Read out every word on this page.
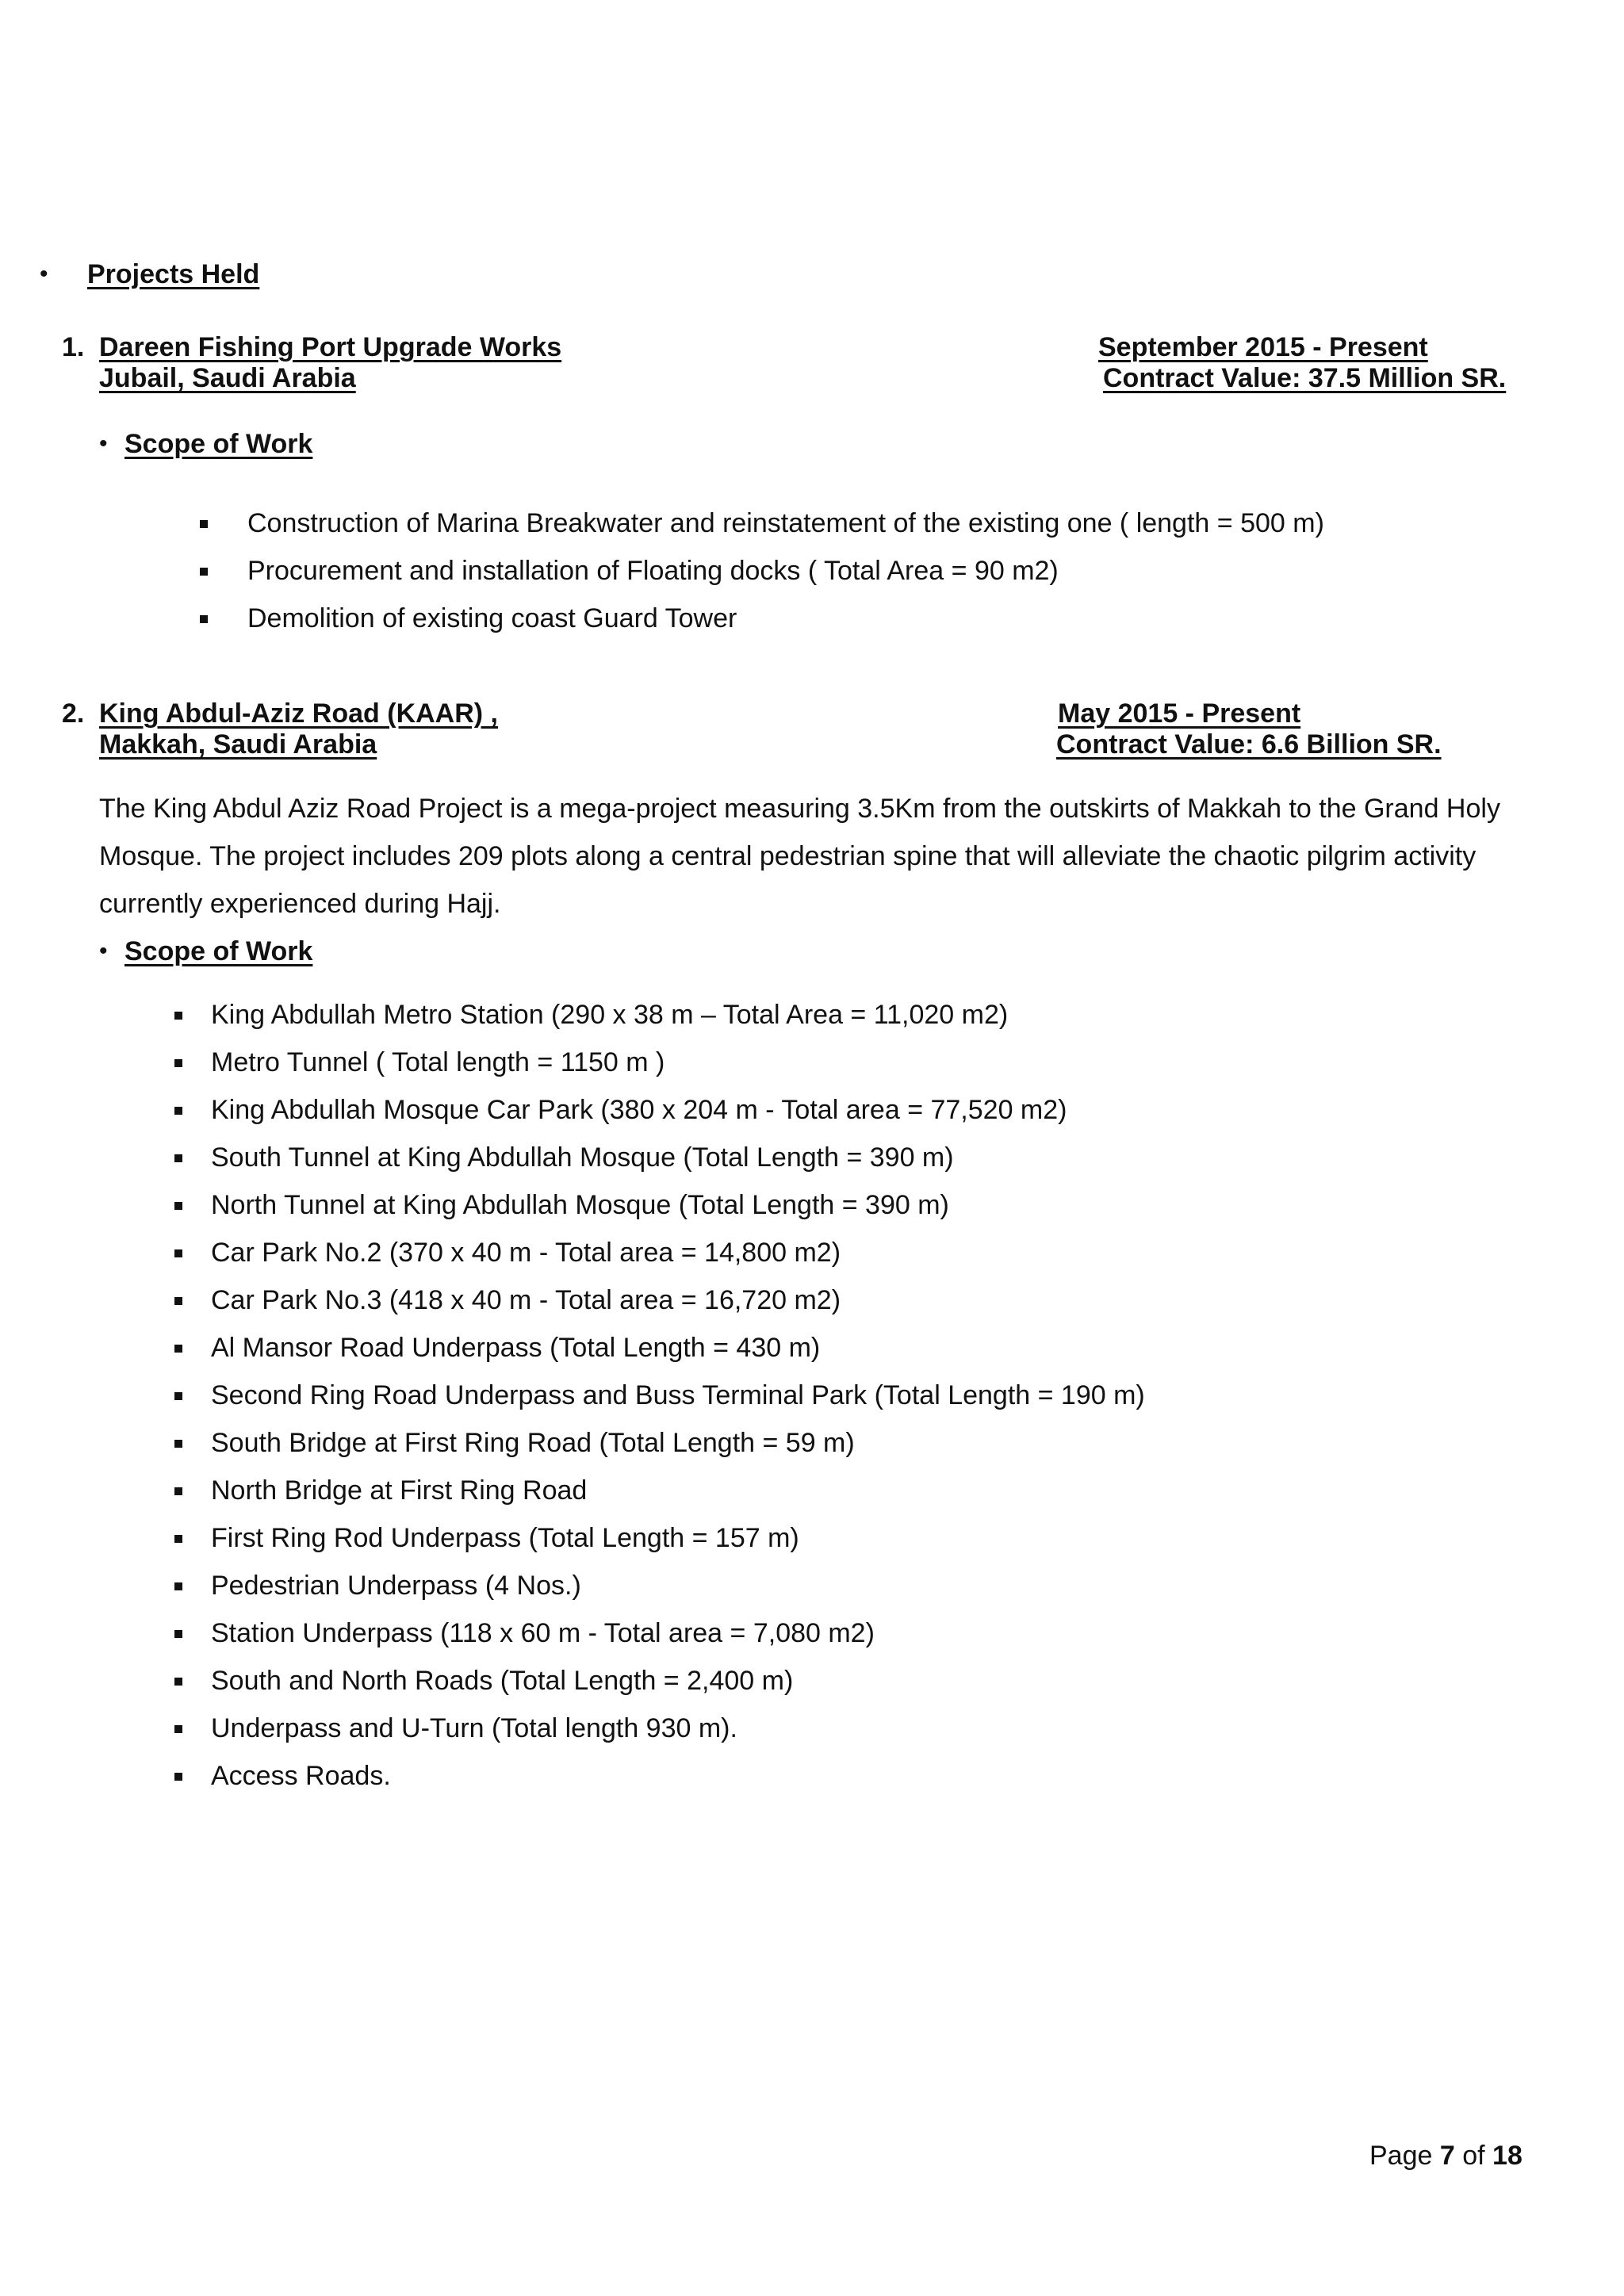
• Projects Held
1. Dareen Fishing Port Upgrade Works
Jubail, Saudi Arabia
September 2015 - Present
Contract Value: 37.5 Million SR.
• Scope of Work
Construction of Marina Breakwater and reinstatement of the existing one ( length = 500 m)
Procurement and installation of Floating docks ( Total Area = 90 m2)
Demolition of existing coast Guard Tower
2. King Abdul-Aziz Road (KAAR) ,
Makkah, Saudi Arabia
May 2015 - Present
Contract Value: 6.6 Billion SR.
The King Abdul Aziz Road Project is a mega-project measuring 3.5Km from the outskirts of Makkah to the Grand Holy Mosque. The project includes 209 plots along a central pedestrian spine that will alleviate the chaotic pilgrim activity currently experienced during Hajj.
• Scope of Work
King Abdullah Metro Station (290 x 38 m – Total Area = 11,020 m2)
Metro Tunnel ( Total length = 1150 m )
King Abdullah Mosque Car Park (380 x 204 m - Total area = 77,520 m2)
South Tunnel at King Abdullah Mosque (Total Length = 390 m)
North Tunnel at King Abdullah Mosque (Total Length = 390 m)
Car Park No.2 (370 x 40 m - Total area = 14,800 m2)
Car Park No.3 (418 x 40 m - Total area = 16,720 m2)
Al Mansor Road Underpass (Total Length = 430 m)
Second Ring Road Underpass and Buss Terminal Park (Total Length = 190 m)
South Bridge at First Ring Road (Total Length = 59 m)
North Bridge at First Ring Road
First Ring Rod Underpass (Total Length = 157 m)
Pedestrian Underpass (4 Nos.)
Station Underpass (118 x 60 m - Total area = 7,080 m2)
South and North Roads (Total Length = 2,400 m)
Underpass and U-Turn (Total length 930 m).
Access Roads.
Page 7 of 18
